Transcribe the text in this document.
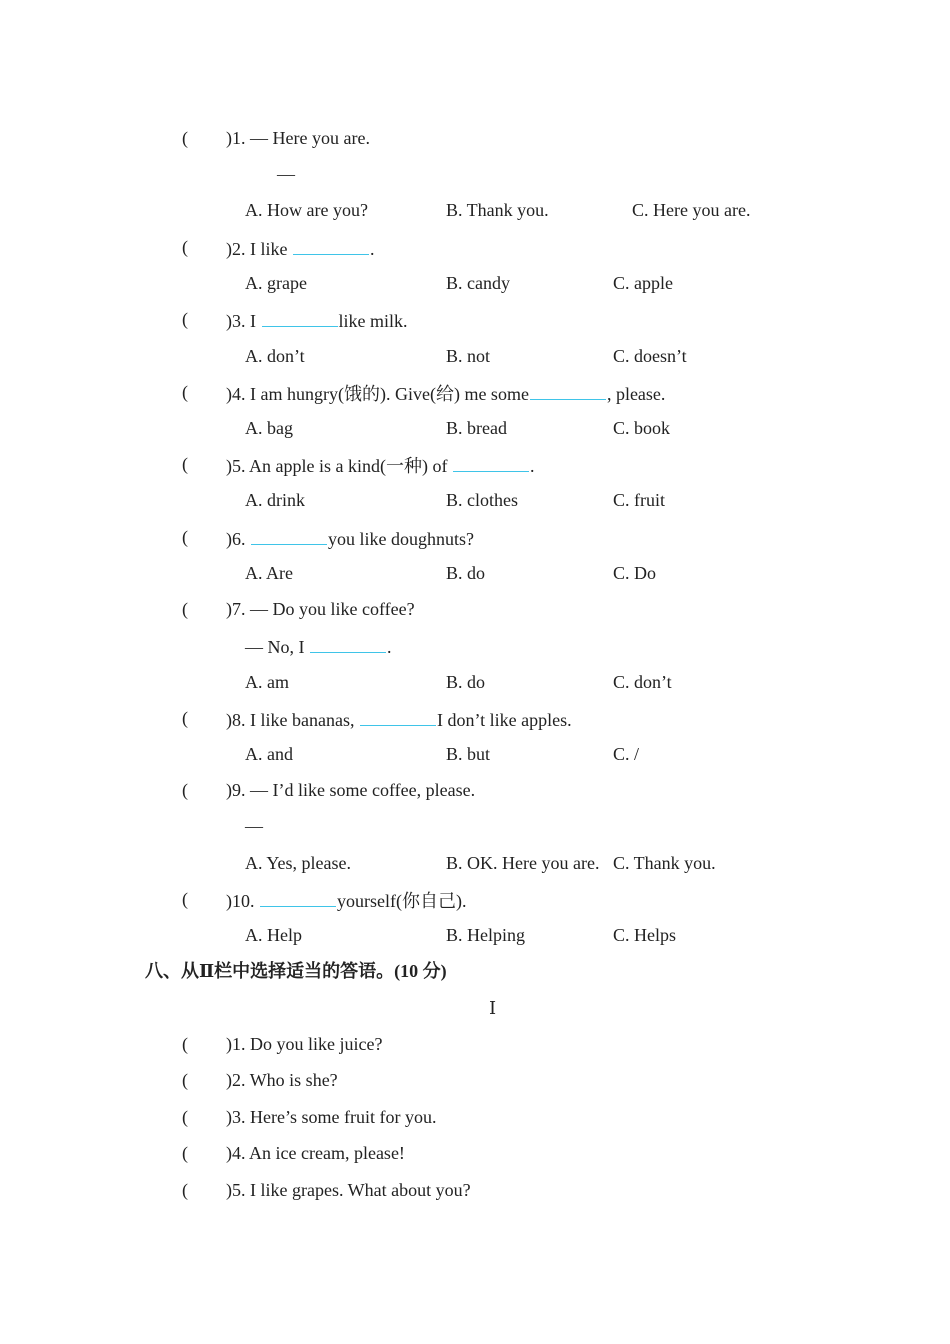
( )1. — Here you are.
—
A. How are you?	B. Thank you.	C. Here you are.
( )2. I like	.
A. grape	B. candy	C. apple
( )3. I	like milk.
A. don’t	B. not	C. doesn’t
( )4. I am hungry(饿的). Give(给) me some	, please.
A. bag	B. bread	C. book
( )5. An apple is a kind(一种) of	.
A. drink	B. clothes	C. fruit
( )6.	you like doughnuts?
A. Are	B. do	C. Do
( )7. — Do you like coffee?
— No, I	.
A. am	B. do	C. don’t
( )8. I like bananas,	I don’t like apples.
A. and	B. but	C. /
( )9. — I’d like some coffee, please.
—
A. Yes, please.	B. OK. Here you are. C. Thank you.
( )10.	yourself(你自己).
A. Help	B. Helping	C. Helps
八、从Ⅱ栏中选择适当的答语。(10 分)
Ⅰ
( )1. Do you like juice?
( )2. Who is she?
( )3. Here’s some fruit for you.
( )4. An ice cream, please!
( )5. I like grapes. What about you?
